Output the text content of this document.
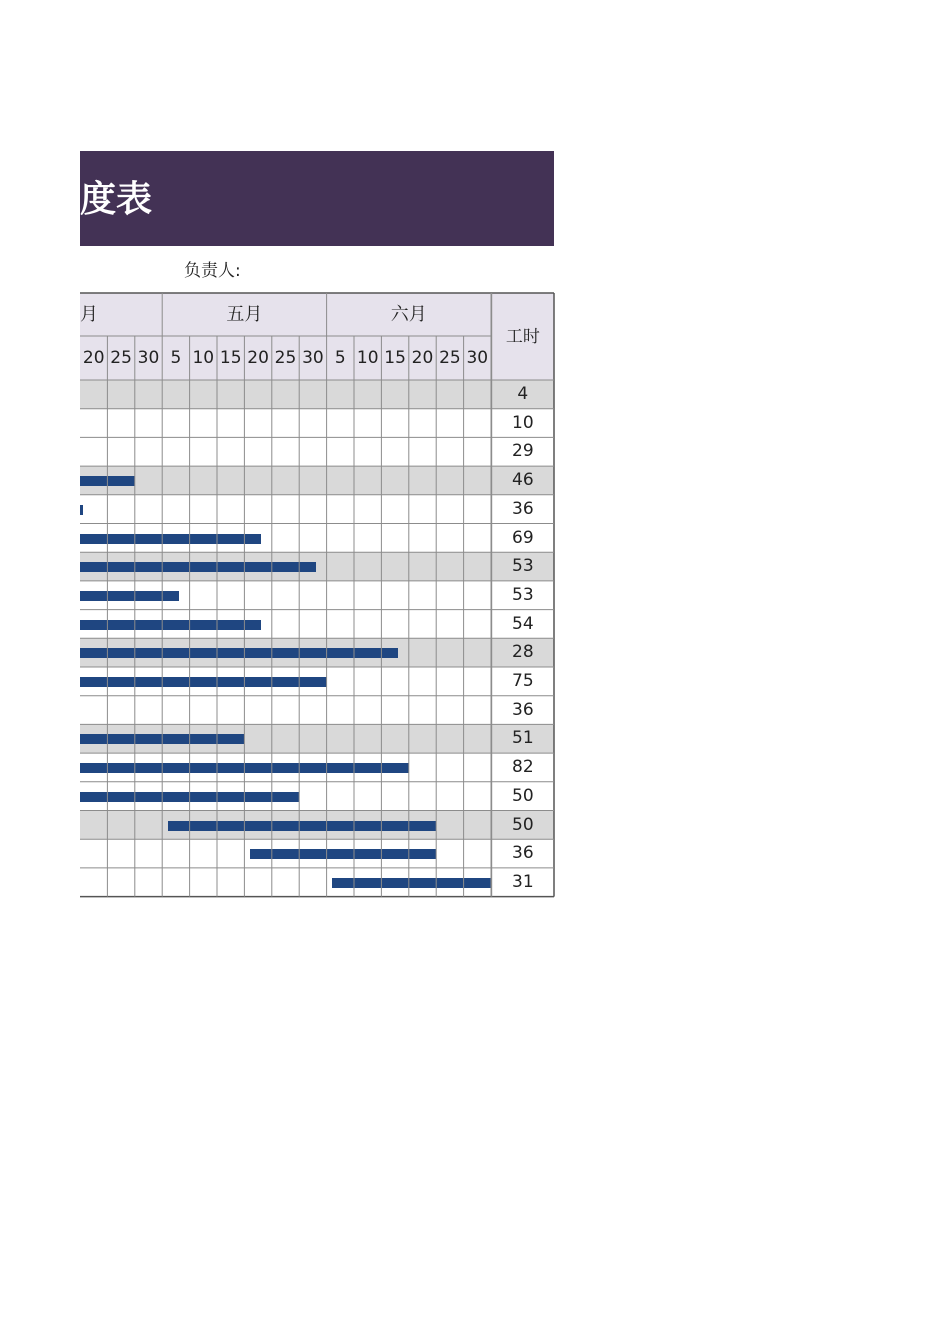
度表
负责人:
20 25 30
月
5 10 15 20 25 30
五月
5 10 15 20 25 30
六月
工时
4
10
29
46
36
69
53
53
54
28
75
36
51
82
50
50
36
31
